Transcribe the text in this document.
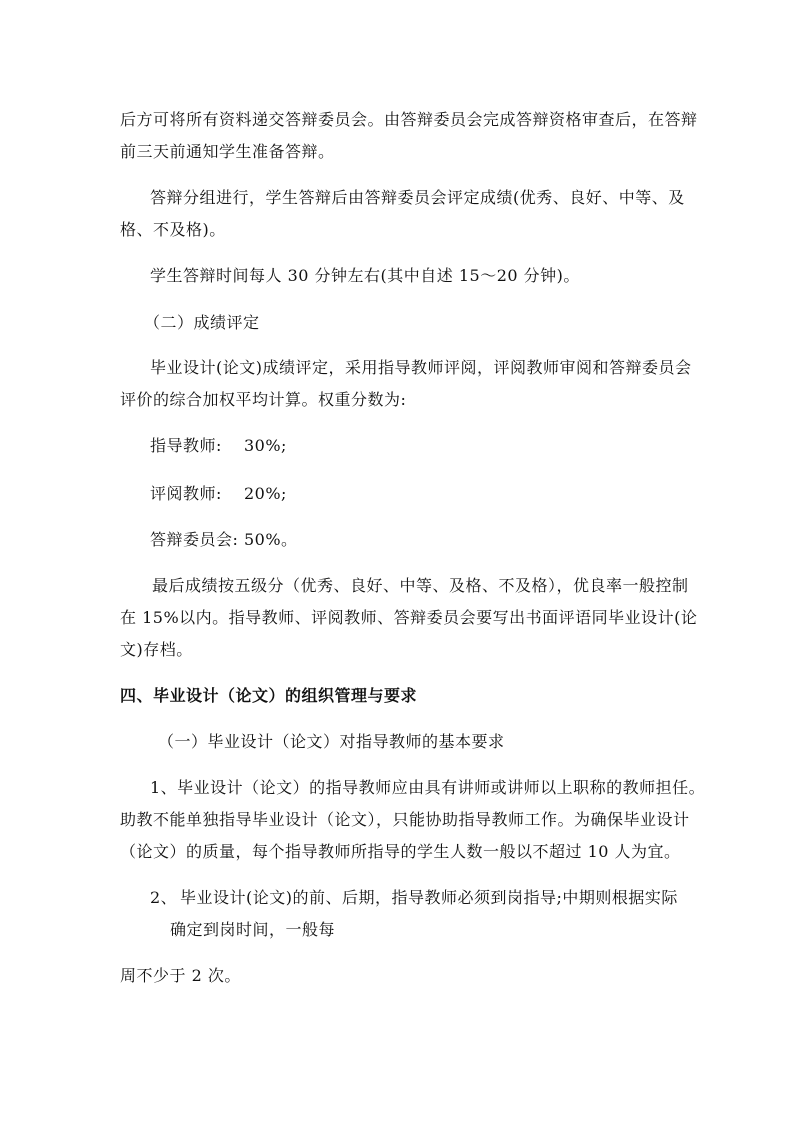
后方可将所有资料递交答辩委员会。由答辩委员会完成答辩资格审查后，在答辩

前三天前通知学生准备答辩。

答辩分组进行，学生答辩后由答辩委员会评定成绩(优秀、良好、中等、及

格、不及格)。

学生答辩时间每人 30 分钟左右(其中自述 15～20 分钟)。

（二）成绩评定

毕业设计(论文)成绩评定，采用指导教师评阅，评阅教师审阅和答辩委员会

评价的综合加权平均计算。权重分数为:

指导教师:　 30%;

评阅教师:　 20%;

答辩委员会: 50%。

最后成绩按五级分（优秀、良好、中等、及格、不及格），优良率一般控制

在 15%以内。指导教师、评阅教师、答辩委员会要写出书面评语同毕业设计(论

文)存档。

四、毕业设计（论文）的组织管理与要求

（一）毕业设计（论文）对指导教师的基本要求

1、毕业设计（论文）的指导教师应由具有讲师或讲师以上职称的教师担任。

助教不能单独指导毕业设计（论文），只能协助指导教师工作。为确保毕业设计

（论文）的质量，每个指导教师所指导的学生人数一般以不超过 10 人为宜。

2、 毕业设计(论文)的前、后期，指导教师必须到岗指导;中期则根据实际

确定到岗时间，一般每

周不少于 2 次。
